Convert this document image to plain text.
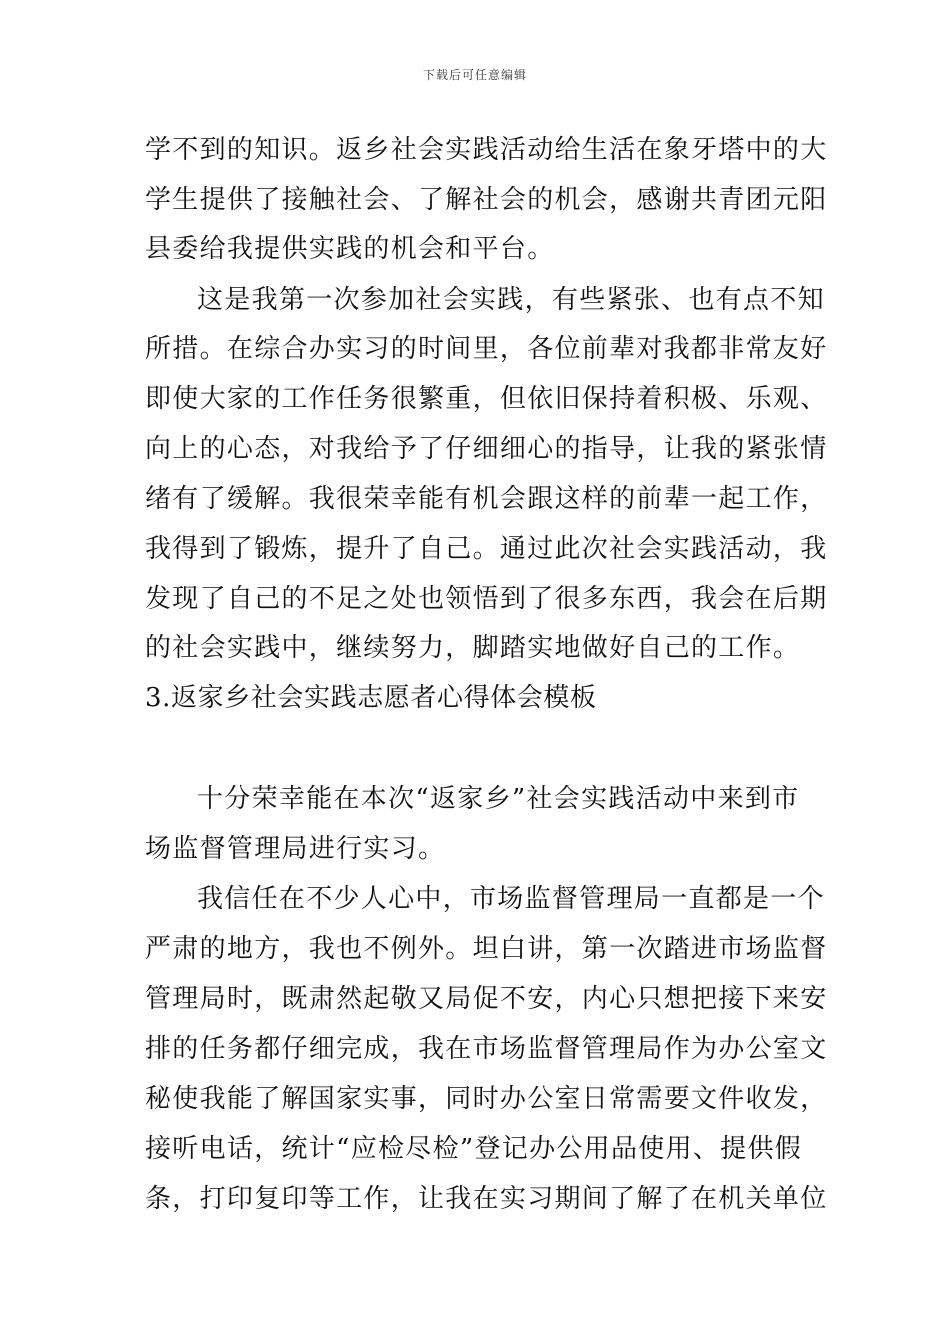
下载后可任意编辑
学不到的知识。返乡社会实践活动给生活在象牙塔中的大
学生提供了接触社会、了解社会的机会，感谢共青团元阳
县委给我提供实践的机会和平台。
这是我第一次参加社会实践，有些紧张、也有点不知
所措。在综合办实习的时间里，各位前辈对我都非常友好
即使大家的工作任务很繁重，但依旧保持着积极、乐观、
向上的心态，对我给予了仔细细心的指导，让我的紧张情
绪有了缓解。我很荣幸能有机会跟这样的前辈一起工作，
我得到了锻炼，提升了自己。通过此次社会实践活动，我
发现了自己的不足之处也领悟到了很多东西，我会在后期
的社会实践中，继续努力，脚踏实地做好自己的工作。
3.返家乡社会实践志愿者心得体会模板
十分荣幸能在本次“返家乡”社会实践活动中来到市
场监督管理局进行实习。
我信任在不少人心中，市场监督管理局一直都是一个
严肃的地方，我也不例外。坦白讲，第一次踏进市场监督
管理局时，既肃然起敬又局促不安，内心只想把接下来安
排的任务都仔细完成，我在市场监督管理局作为办公室文
秘使我能了解国家实事，同时办公室日常需要文件收发，
接听电话，统计“应检尽检”登记办公用品使用、提供假
条，打印复印等工作，让我在实习期间了解了在机关单位
